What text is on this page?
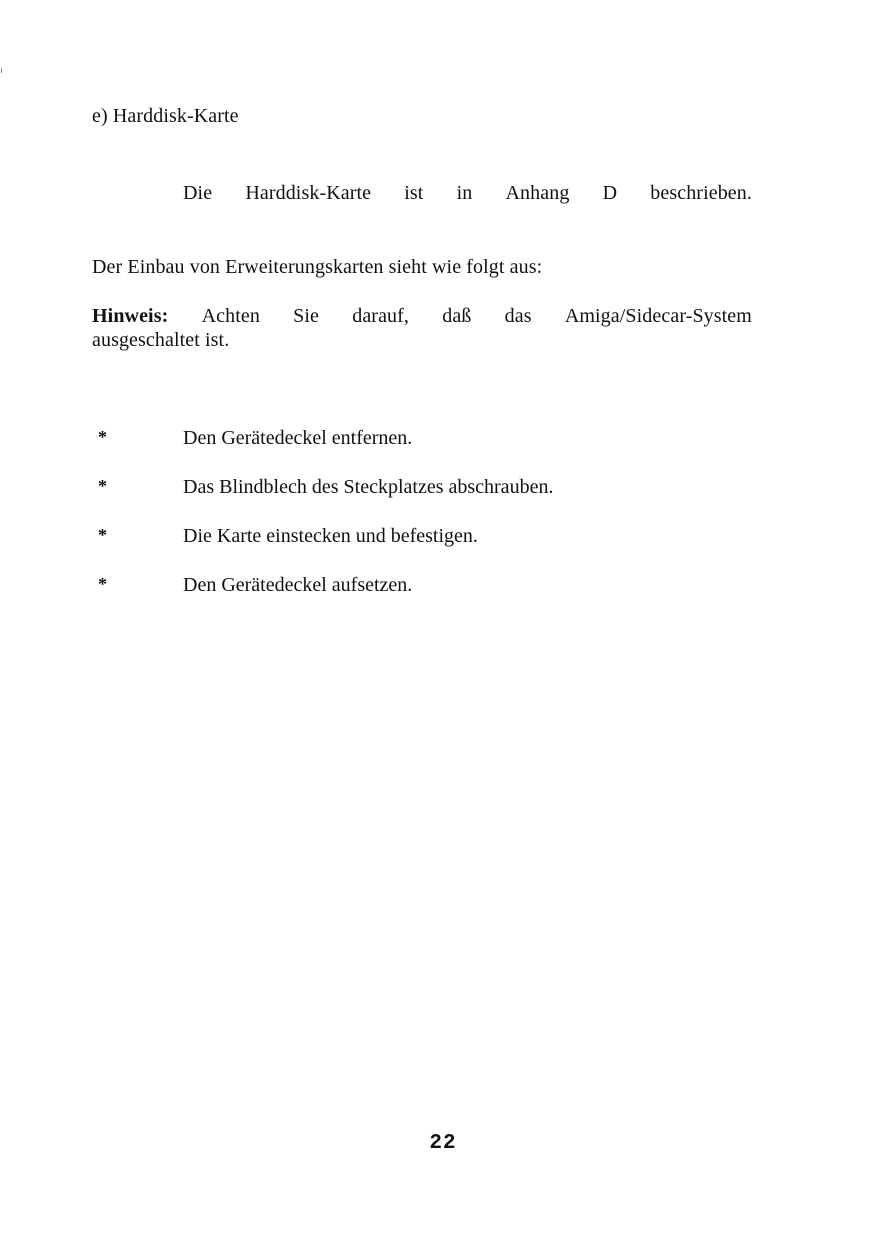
e) Harddisk-Karte
Die Harddisk-Karte ist in Anhang D beschrieben.
Der Einbau von Erweiterungskarten sieht wie folgt aus:
Hinweis: Achten Sie darauf, daß das Amiga/Sidecar-System
ausgeschaltet ist.
*	Den Gerätedeckel entfernen.
*	Das Blindblech des Steckplatzes abschrauben.
*	Die Karte einstecken und befestigen.
*	Den Gerätedeckel aufsetzen.
22
